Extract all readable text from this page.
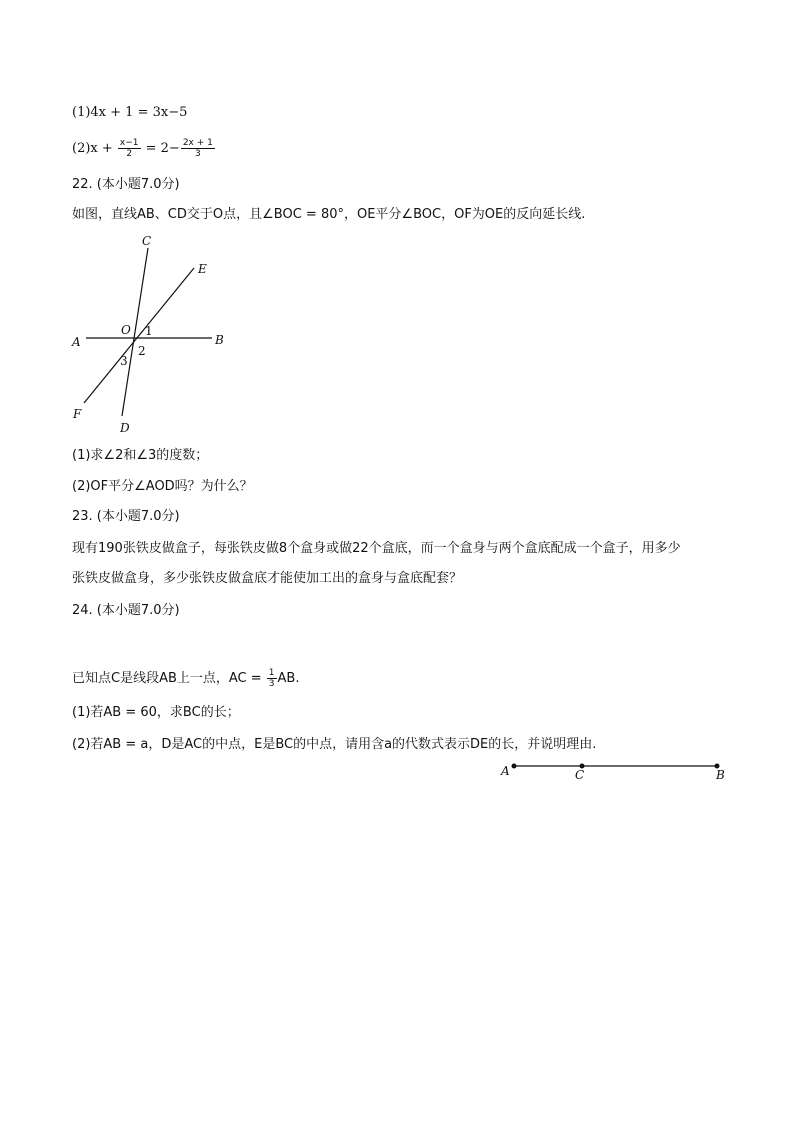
(1)4x + 1 = 3x−5
$(2)x + \frac{x-1}{2} = 2- \frac{2x + 1}{3}$
22. (本小题7.0分)
如图，直线AB、CD交于O点，且∠BOC = 80°，OE平分∠BOC，OF为OE的反向延长线.
C
E
A	B
O 1
2
3
F
D
(1)求∠2和∠3的度数；
(2)OF平分∠AOD吗？为什么？
23. (本小题7.0分)
现有190张铁皮做盒子，每张铁皮做8个盒身或做22个盒底，而一个盒身与两个盒底配成一个盒子，用多少
张铁皮做盒身，多少张铁皮做盒底才能使加工出的盒身与盒底配套？
24. (本小题7.0分)
已知点C是线段AB上一点，AC = $\frac{1}{3}$ AB.
(1)若AB = 60，求BC的长；
(2)若AB = a，D是AC的中点，E是BC的中点，请用含a的代数式表示DE的长，并说明理由.
A	C	B
